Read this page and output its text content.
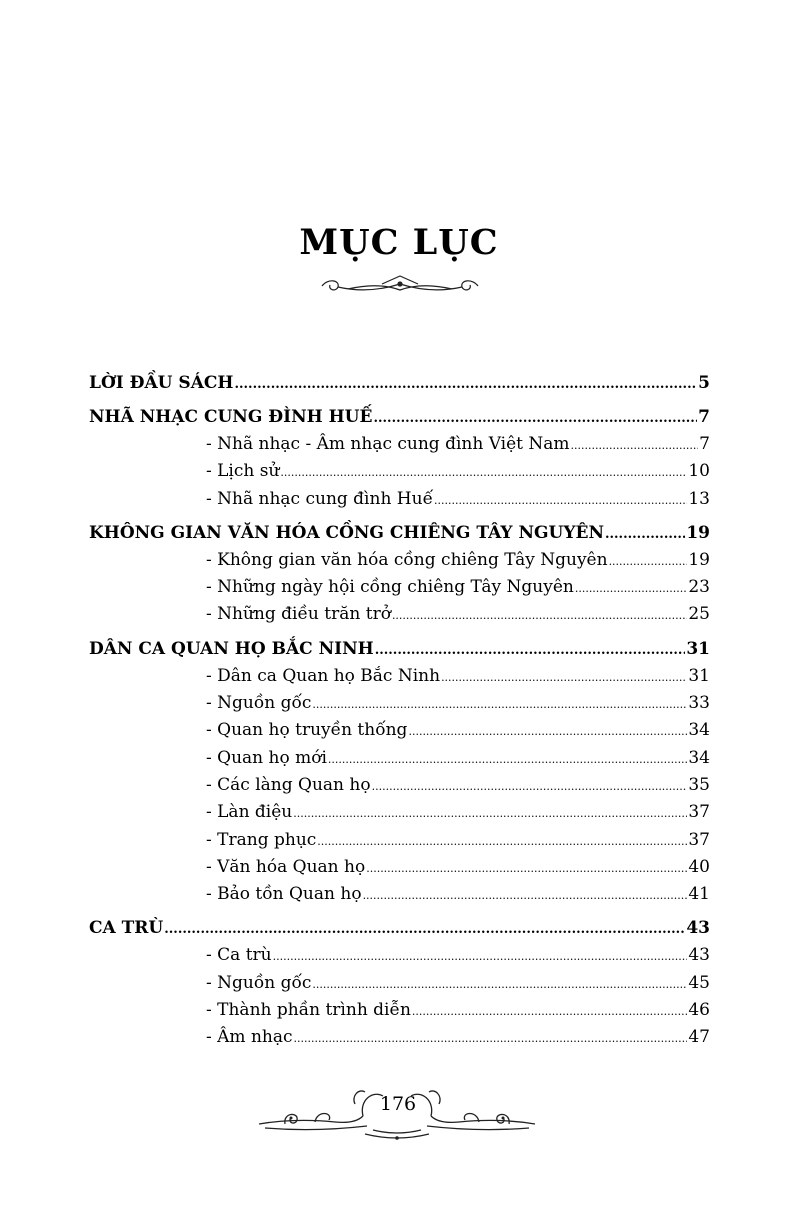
MỤC LỤC
LỜI ĐẦU SÁCH .....	5
NHÃ NHẠC CUNG ĐÌNH HUẾ .....	7
- Nhã nhạc - Âm nhạc cung đình Việt Nam .....	7
- Lịch sử .....	10
- Nhã nhạc cung đình Huế .....	13
KHÔNG GIAN VĂN HÓA CỒNG CHIÊNG TÂY NGUYÊN .....	19
- Không gian văn hóa cồng chiêng Tây Nguyên .....	19
- Những ngày hội cồng chiêng Tây Nguyên .....	23
- Những điều trăn trở .....	25
DÂN CA QUAN HỌ BẮC NINH .....	31
- Dân ca Quan họ Bắc Ninh .....	31
- Nguồn gốc .....	33
- Quan họ truyền thống .....	34
- Quan họ mới .....	34
- Các làng Quan họ .....	35
- Làn điệu .....	37
- Trang phục .....	37
- Văn hóa Quan họ .....	40
- Bảo tồn Quan họ .....	41
CA TRÙ .....	43
- Ca trù .....	43
- Nguồn gốc .....	45
- Thành phần trình diễn .....	46
- Âm nhạc .....	47
176
